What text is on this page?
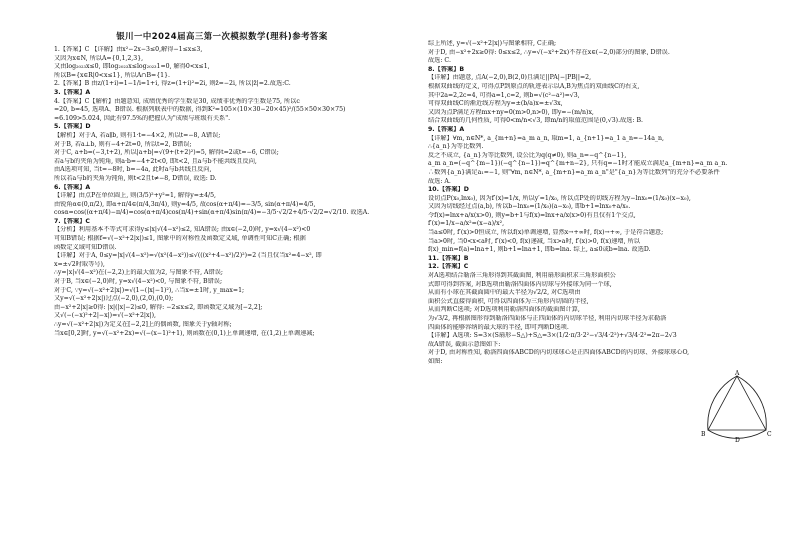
银川一中2024届高三第一次模拟数学(理科)参考答案
1.【答案】C 【详解】由x²−2x−3≤0,解得−1≤x≤3,
又因为x∈N, 所以A={0,1,2,3},
又由log₂₀₂₃x≤0, 即log₂₀₂₃x≤log₂₀₂₃1=0, 解得0<x≤1,
所以B={x∈R|0<x≤1}, 所以A∩B={1}.
2.【答案】B 由z/(1+i)=1−1/i=1+i, 得z=(1+i)²=2i, 则z̄=−2i, 所以|z̄|=2.故选:C.
3.【答案】A
4.【答案】C【解析】由题意知, 成绩优秀的学生数是30, 成绩非优秀的学生数是75, 所以c
=20, b=45, 选项A、B错误. 根据列联表中的数据, 得到K²=105×(10×30−20×45)²/(55×50×30×75)
≈6.109>5.024, 因此有97.5%的把握认为"成绩与班级有关系".
5.【答案】D
【解析】对于A, 若a∥b, 则有1·t=−4×2, 所以t=−8, A错误;
对于B, 若a⊥b, 则有−4+2t=0, 所以t=2, B错误;
对于C, a+b=(−3,t+2), 所以|a+b|=√(9+(t+2)²)=5, 解得t=2或t=−6, C错误;
若a与b的夹角为钝角, 则a·b=−4+2t<0, 即t<2, 且a与b不能共线且反向,
由A选项可知, 当t=−8时, b=−4a, 此时a与b共线且反向,
所以若a与b的夹角为钝角, 则t<2且t≠−8, D错误, 故选: D.
6.【答案】A
【详解】由点P在单位圆上, 则(3/5)²+y²=1, 解得y=±4/5,
由锐角α∈(0,π/2), 即α+π/4∈(π/4,3π/4), 则y=4/5, 故cos(α+π/4)=−3/5, sin(α+π/4)=4/5,
cosα=cos((α+π/4)−π/4)=cos(α+π/4)cos(π/4)+sin(α+π/4)sin(π/4)=−3/5·√2/2+4/5·√2/2=√2/10. 故选A.
7.【答案】C
【分析】利用基本不等式可求得y≤|x|√(4−x²)≤2, 知A错误; 由x∈(−2,0)时, y=x√(4−x²)<0
可知B错误; 根据f=√(−x²+2|x|)≤1, 图象中的对称性及函数定义域, 单调性可知C正确; 根据
函数定义域可知D错误.
【详解】对于A, 0≤y=|x|√(4−x²)=√(x²(4−x²))≤√(((x²+4−x²)/2)²)=2 (当且仅当x²=4−x², 即
x=±√2时取等号),
∴y=|x|√(4−x²)在(−2,2)上的最大值为2, 与图象不符, A错误;
对于B, 当x∈(−2,0)时, y=x√(4−x²)<0, 与图象不符, B错误;
对于C, ∵y=√(−x²+2|x|)=√(1−(|x|−1)²), ∴当x=±1时, y_max=1;
又y=√(−x²+2|x|)过点(−2,0),(2,0),(0,0);
由−x²+2|x|≥0得: |x|(|x|−2)≤0, 解得: −2≤x≤2, 即函数定义域为[−2,2];
又√(−(−x)²+2|−x|)=√(−x²+2|x|),
∴y=√(−x²+2|x|)为定义在[−2,2]上的偶函数, 图象关于y轴对称;
当x∈[0,2]时, y=√(−x²+2x)=√(−(x−1)²+1), 则函数在(0,1)上单调递增, 在(1,2)上单调递减;
综上所述, y=√(−x²+2|x|)与图象相符, C正确;
对于D, 由−x²+2x≥0得: 0≤x≤2, ∴y=√(−x²+2x)不存在x∈(−2,0)部分的图象, D错误.
故选: C.
8.【答案】B
【详解】由题意, 点A(−2,0),B(2,0)且满足||PA|−|PB||=2,
根据双曲线的定义, 可得点P到原点的轨迹表示以A,B为焦点的双曲线C的右支,
其中2a=2,2c=4, 可得a=1,c=2, 则b=√(c²−a²)=√3,
可得双曲线C的渐近线方程为y=±(b/a)x=±√3x,
又因为点P满足方程mx+ny=0(m>0,n>0), 即y=−(m/n)x,
结合双曲线的几何性质, 可得0<m/n<√3, 即m/n的取值范围是(0,√3).故选: B.
9.【答案】A
【详解】∀m, n∈N*, a_{m+n}=a_m a_n, 取m=1, a_{n+1}=a_1 a_n=−14a_n,
∴{a_n}为等比数列.
反之不成立, {a_n}为等比数列, 设公比为q(q≠0), 则a_n=−q^{n−1},
a_m a_n=(−q^{m−1})(−q^{n−1})=q^{m+n−2}, 只有q=−1时才能成立满足a_{m+n}=a_m a_n.
∴数列{a_n}满足a₁=−1, 则"∀m, n∈N*, a_{m+n}=a_m a_n"是"{a_n}为等比数列"的充分不必要条件
故选: A.
10.【答案】D
设切点P(x₀,lnx₀), 因为f′(x)=1/x, 所以y′=1/x₀, 所以点P处的切线方程为y−lnx₀=(1/x₀)(x−x₀),
又因为切线经过点(a,b), 所以b−lnx₀=(1/x₀)(a−x₀), 即b+1=lnx₀+a/x₀.
令f(x)=lnx+a/x(x>0), 则y=b+1与f(x)=lnx+a/x(x>0)有且仅有1个交点,
f′(x)=1/x−a/x²=(x−a)/x²,
当a≤0时, f′(x)>0恒成立, 所以f(x)单调递增, 显然x→+∞时, f(x)→+∞, 于是符合题意;
当a>0时, 当0<x<a时, f′(x)<0, f(x)递减, 当x>a时, f′(x)>0, f(x)递增, 所以
f(x)_min=f(a)=lna+1, 则b+1=lna+1, 即b=lna. 综上, a≤0或b=lna. 故选D.
11.【答案】B
12.【答案】C
对A选项结合勒洛三角形得到其截面图, 利用扇形面积求三角形面积公
式即可得到答案, 对B选项由勒洛四面体内切球与外接球为同一个球,
从而有小球在其截面圆中的最大半径为√2/2, 对C选项由
面积公式直接得面积, 可得以四面体为三角形内切圆的半径,
从而判断C选项; 对D选项利用勒洛四面体的截面图计算,
为√3/2, 再根据图形得到勒洛四面体与正四面体的内切球半径, 利用内切球半径为求勒洛
四面体的能够容纳的最大球的半径, 即可判断D选项.
【详解】A选项: S=3×(S扇形−S△)+S△=3×(1/2·π/3·2²−√3/4·2²)+√3/4·2²=2π−2√3
故A错误, 截面示意图如下:
对于D, 由对称性知, 勒洛四面体ABCD的内切球球心是正四面体ABCD的内切球、外接球球心O,
如图:
A
B	C
D
